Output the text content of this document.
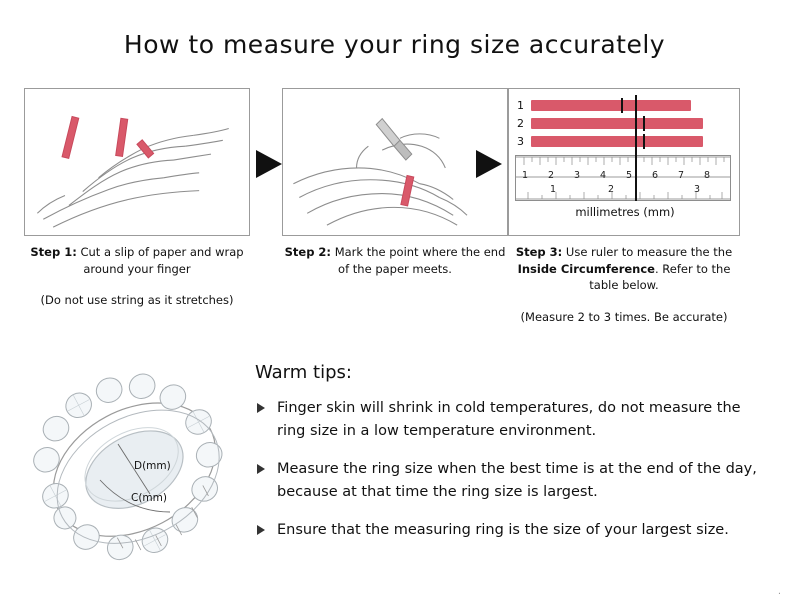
How to measure your ring size accurately
Step 1: Cut a slip of paper and wrap around your finger
(Do not use string as it stretches)
Step 2: Mark the point where the end of the paper meets.
1
2
3
1 2 3 4 5 6 7 8
1	2	3
millimetres (mm)
Step 3: Use ruler to measure the the Inside Circumference. Refer to the table below.
(Measure 2 to 3 times. Be accurate)
D(mm)
C(mm)
Warm tips:
Finger skin will shrink in cold temperatures, do not measure the ring size in a low temperature environment.
Measure the ring size when the best time is at the end of the day, because at that time the ring size is largest.
Ensure that the measuring ring is the size of your largest size.
·
